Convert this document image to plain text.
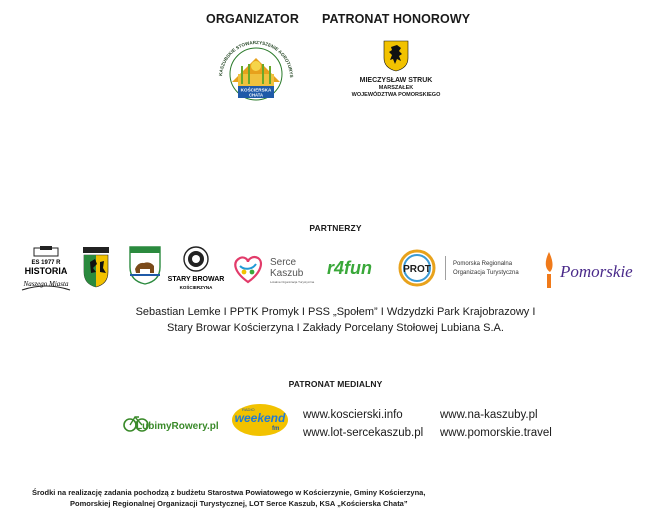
ORGANIZATOR PATRONAT HONOROWY
KASZUBSKIE STOWARZYSZENIE AGROTURYS
KOŚCIERSKA
CHATA
MIECZYSŁAW STRUK
MARSZAŁEK
WOJEWÓDZTWA POMORSKIEGO
PARTNERZY
ES 1977 R
HISTORIA
Naszego Miasta
STARY BROWAR
KOŚCIERZYNA
Serce
Kaszub
Lokalna Organizacja Turystyczna
r4fun	PROT	Pomorska Regionalna
Organizacja Turystyczna Pomorskie
Sebastian Lemke I PPTK Promyk I PSS „Społem” I Wdzydzki Park Krajobrazowy I
Stary Browar Kościerzyna I Zakłady Porcelany Stołowej Lubiana S.A.
PATRONAT MEDIALNY
LubimyRowery.pl
RADIO
weekend
fm
www.koscierski.info
www.lot-sercekaszub.pl
www.na-kaszuby.pl
www.pomorskie.travel
Środki na realizację zadania pochodzą z budżetu Starostwa Powiatowego w Kościerzynie, Gminy Kościerzyna,
Pomorskiej Regionalnej Organizacji Turystycznej, LOT Serce Kaszub, KSA „Kościerska Chata”
